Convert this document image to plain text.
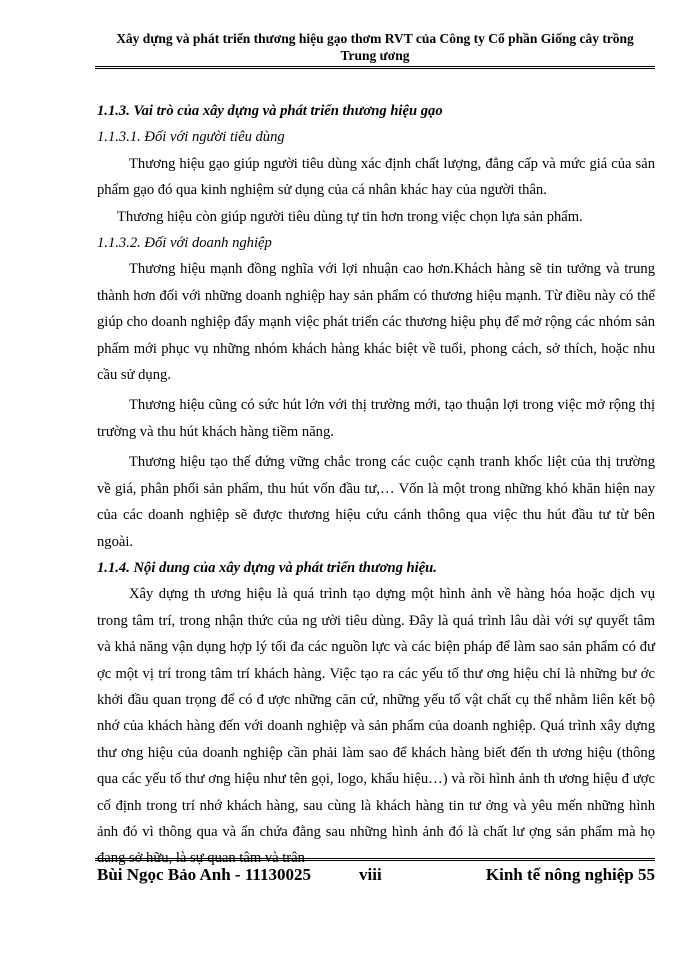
Xây dựng và phát triển thương hiệu gạo thơm RVT của Công ty Cổ phần Giống cây trồng
Trung ương

1.1.3. Vai trò của xây dựng và phát triển thương hiệu gạo

1.1.3.1. Đối với người tiêu dùng

Thương hiệu gạo giúp người tiêu dùng xác định chất lượng, đẳng cấp và mức giá của sản phẩm gạo đó qua kinh nghiệm sử dụng của cá nhân khác hay của người thân.

Thương hiệu còn giúp người tiêu dùng tự tin hơn trong việc chọn lựa sản phẩm.

1.1.3.2. Đối với doanh nghiệp

Thương hiệu mạnh đồng nghĩa với lợi nhuận cao hơn.Khách hàng sẽ tin tưởng và trung thành hơn đối với những doanh nghiệp hay sản phẩm có thương hiệu mạnh. Từ điều này có thể giúp cho doanh nghiệp đẩy mạnh việc phát triển các thương hiệu phụ để mở rộng các nhóm sản phẩm mới phục vụ những nhóm khách hàng khác biệt về tuổi, phong cách, sở thích, hoặc nhu cầu sử dụng.

Thương hiệu cũng có sức hút lớn với thị trường mới, tạo thuận lợi trong việc mở rộng thị trường và thu hút khách hàng tiềm năng.

Thương hiệu tạo thế đứng vững chắc trong các cuộc cạnh tranh khốc liệt của thị trường về giá, phân phối sản phẩm, thu hút vốn đầu tư,… Vốn là một trong những khó khăn hiện nay của các doanh nghiệp sẽ được thương hiệu cứu cánh thông qua việc thu hút đầu tư từ bên ngoài.

1.1.4. Nội dung của xây dựng và phát triển thương hiệu.

Xây dựng th ương hiệu là quá trình tạo dựng một hình ảnh về hàng hóa hoặc dịch vụ trong tâm trí, trong nhận thức của ng ười tiêu dùng. Đây là quá trình lâu dài với sự quyết tâm và khả năng vận dụng hợp lý tối đa các nguồn lực và các biện pháp để làm sao sản phẩm có đư ợc một vị trí trong tâm trí khách hàng. Việc tạo ra các yếu tố thư ơng hiệu chỉ là những bư ớc khởi đầu quan trọng để có đ ược những căn cứ, những yếu tố vật chất cụ thể nhằm liên kết bộ nhớ của khách hàng đến với doanh nghiệp và sản phẩm của doanh nghiệp. Quá trình xây dựng thư ơng hiệu của doanh nghiệp cần phải làm sao để khách hàng biết đến th ương hiệu (thông qua các yếu tố thư ơng hiệu như tên gọi, logo, khẩu hiệu…) và rồi hình ảnh th ương hiệu đ ược cố định trong trí nhớ khách hàng, sau cùng là khách hàng tin tư ởng và yêu mến những hình ảnh đó vì thông qua và ẩn chứa đằng sau những hình ảnh đó là chất lư ợng sản phẩm mà họ đang sở hữu, là sự quan tâm và trân

Bùi Ngọc Bảo Anh - 11130025	viii	Kinh tế nông nghiệp 55
